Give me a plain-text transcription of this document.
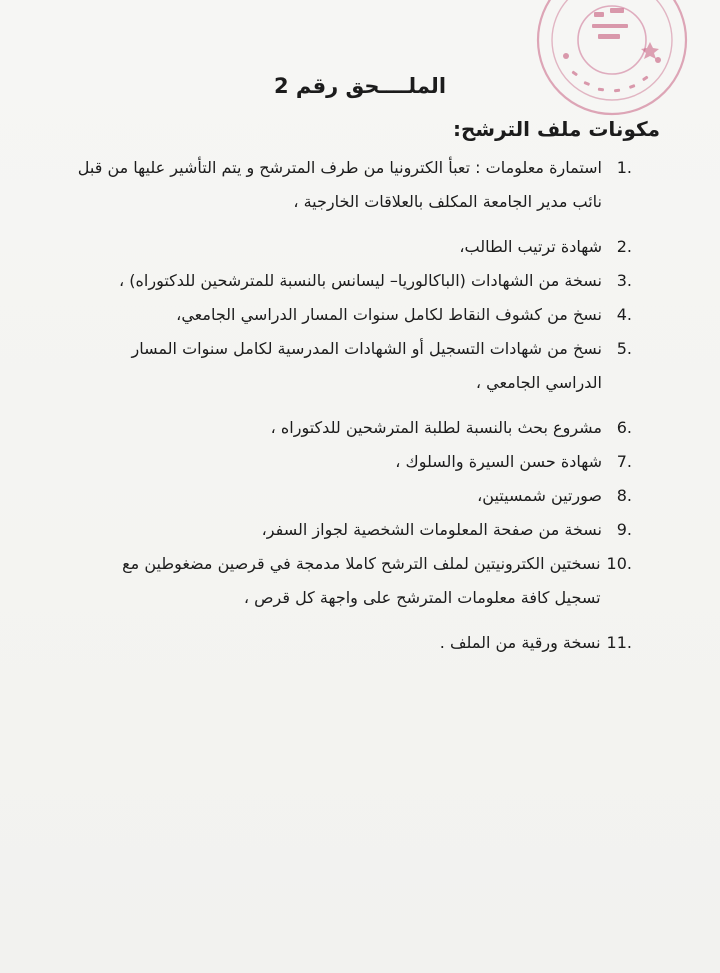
الملــــحق رقم 2
مكونات ملف الترشح:
1.
استمارة معلومات : تعبأ الكترونيا من طرف المترشح و يتم التأشير عليها من قبل نائب مدير الجامعة المكلف بالعلاقات الخارجية ،
2.
شهادة ترتيب الطالب،
3.
نسخة من الشهادات (الباكالوريا– ليسانس بالنسبة للمترشحين للدكتوراه) ،
4.
نسخ من كشوف النقاط لكامل سنوات المسار الدراسي الجامعي،
5.
نسخ من شهادات التسجيل أو الشهادات المدرسية لكامل سنوات المسار الدراسي الجامعي ،
6.
مشروع بحث بالنسبة لطلبة المترشحين للدكتوراه ،
7.
شهادة حسن السيرة والسلوك ،
8.
صورتين شمسيتين،
9.
نسخة من صفحة المعلومات الشخصية لجواز السفر،
10.
نسختين الكترونيتين لملف الترشح كاملا مدمجة في قرصين مضغوطين مع تسجيل كافة معلومات المترشح على واجهة كل قرص ،
11.
نسخة ورقية من الملف .
